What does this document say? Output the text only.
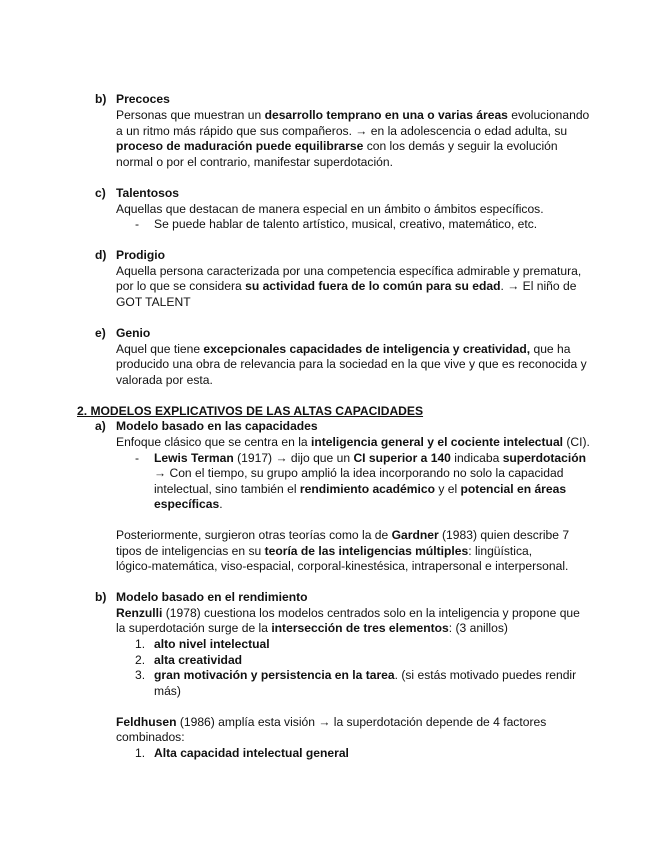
b) Precoces
Personas que muestran un desarrollo temprano en una o varias áreas evolucionando
a un ritmo más rápido que sus compañeros. → en la adolescencia o edad adulta, su
proceso de maduración puede equilibrarse con los demás y seguir la evolución
normal o por el contrario, manifestar superdotación.
c) Talentosos
Aquellas que destacan de manera especial en un ámbito o ámbitos específicos.
- Se puede hablar de talento artístico, musical, creativo, matemático, etc.
d) Prodigio
Aquella persona caracterizada por una competencia específica admirable y prematura,
por lo que se considera su actividad fuera de lo común para su edad. → El niño de
GOT TALENT
e) Genio
Aquel que tiene excepcionales capacidades de inteligencia y creatividad, que ha
producido una obra de relevancia para la sociedad en la que vive y que es reconocida y
valorada por esta.
2. MODELOS EXPLICATIVOS DE LAS ALTAS CAPACIDADES
a) Modelo basado en las capacidades
Enfoque clásico que se centra en la inteligencia general y el cociente intelectual (CI).
- Lewis Terman (1917) → dijo que un CI superior a 140 indicaba superdotación
→ Con el tiempo, su grupo amplió la idea incorporando no solo la capacidad
intelectual, sino también el rendimiento académico y el potencial en áreas
específicas.
Posteriormente, surgieron otras teorías como la de Gardner (1983) quien describe 7
tipos de inteligencias en su teoría de las inteligencias múltiples: lingüística,
lógico-matemática, viso-espacial, corporal-kinestésica, intrapersonal e interpersonal.
b) Modelo basado en el rendimiento
Renzulli (1978) cuestiona los modelos centrados solo en la inteligencia y propone que
la superdotación surge de la intersección de tres elementos: (3 anillos)
1. alto nivel intelectual
2. alta creatividad
3. gran motivación y persistencia en la tarea. (si estás motivado puedes rendir
más)
Feldhusen (1986) amplía esta visión → la superdotación depende de 4 factores
combinados:
1. Alta capacidad intelectual general
